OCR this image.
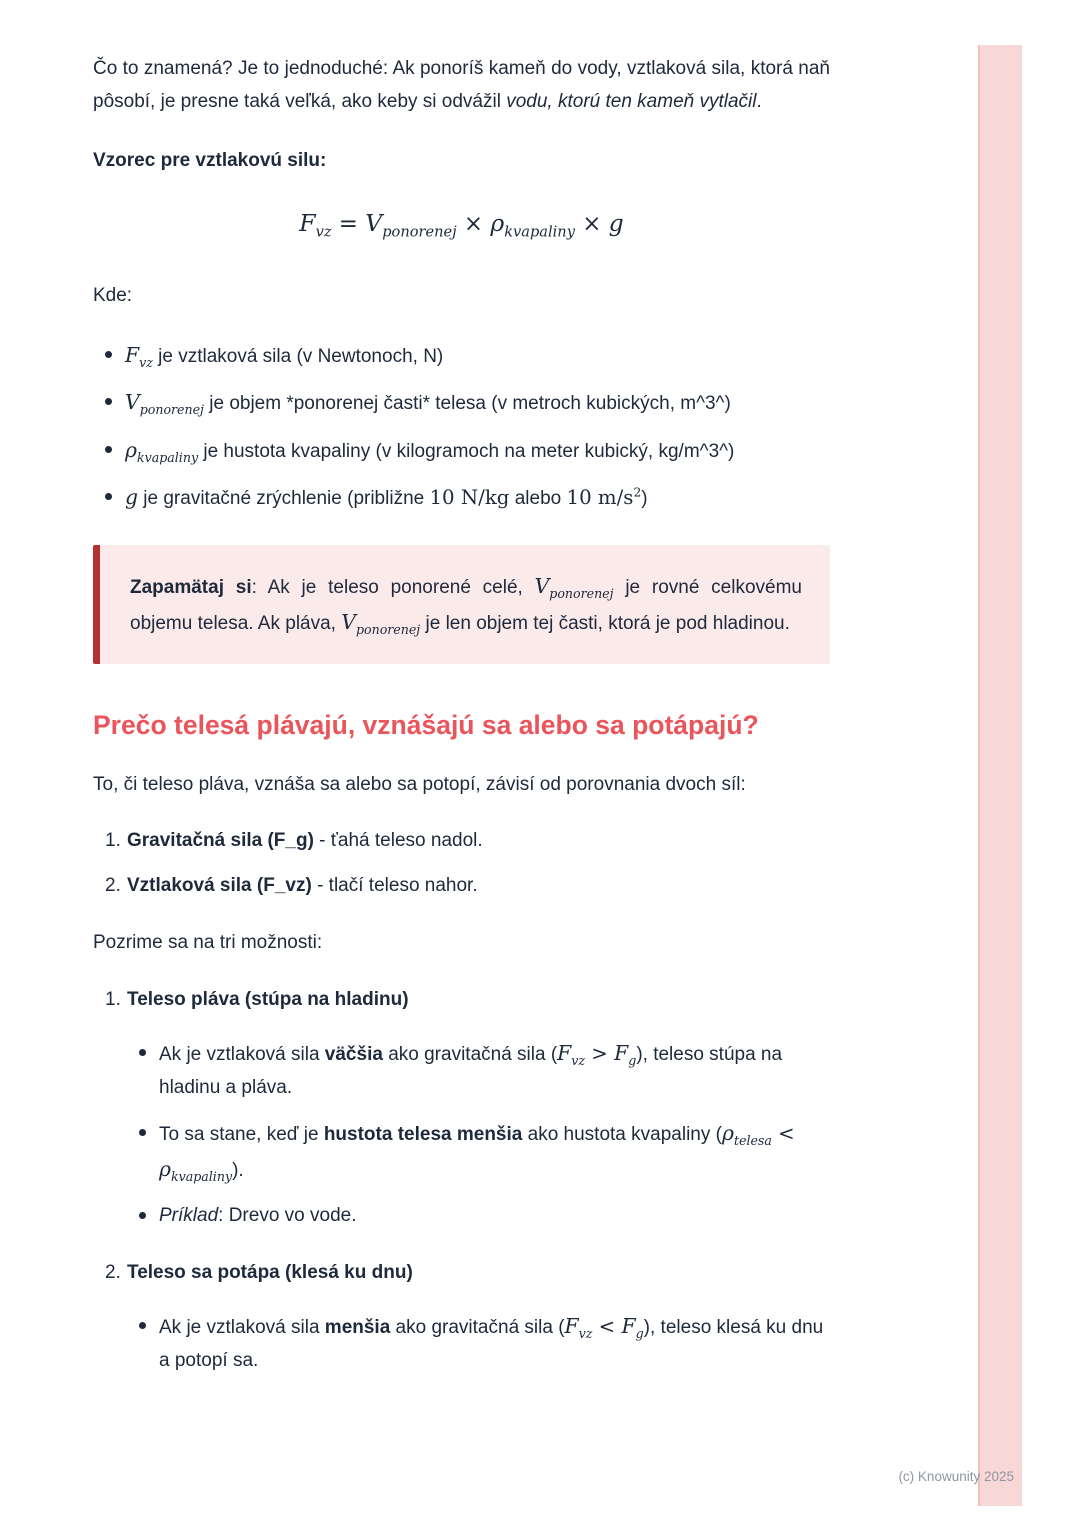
Čo to znamená? Je to jednoduché: Ak ponoríš kameň do vody, vztlaková sila, ktorá naň pôsobí, je presne taká veľká, ako keby si odvážil vodu, ktorú ten kameň vytlačil.

Vzorec pre vztlakovú silu:

$F_{vz} = V_{ponorenej} \times \rho_{kvapaliny} \times g$

Kde:

$F_{vz}$ je vztlaková sila (v Newtonoch, N)
$V_{ponorenej}$ je objem *ponorenej časti* telesa (v metroch kubických, m^3^)
$\rho_{kvapaliny}$ je hustota kvapaliny (v kilogramoch na meter kubický, kg/m^3^)
g je gravitačné zrýchlenie (približne 10 N/kg alebo 10 $m/s^2$)

Zapamätaj si: Ak je teleso ponorené celé, $V_{ponorenej}$ je rovné celkovému objemu telesa. Ak pláva, $V_{ponorenej}$ je len objem tej časti, ktorá je pod hladinou.

Prečo telesá plávajú, vznášajú sa alebo sa potápajú?

To, či teleso pláva, vznáša sa alebo sa potopí, závisí od porovnania dvoch síl:

1. Gravitačná sila (F_g) - ťahá teleso nadol.
2. Vztlaková sila (F_vz) - tlačí teleso nahor.

Pozrime sa na tri možnosti:

1. Teleso pláva (stúpa na hladinu)
Ak je vztlaková sila väčšia ako gravitačná sila $(F_{vz} > F_g)$, teleso stúpa na hladinu a pláva.
To sa stane, keď je hustota telesa menšia ako hustota kvapaliny $(\rho_{telesa} < \rho_{kvapaliny})$.
Príklad: Drevo vo vode.
2. Teleso sa potápa (klesá ku dnu)
Ak je vztlaková sila menšia ako gravitačná sila $(F_{vz} < F_g)$, teleso klesá ku dnu a potopí sa.
(c) Knowunity 2025
